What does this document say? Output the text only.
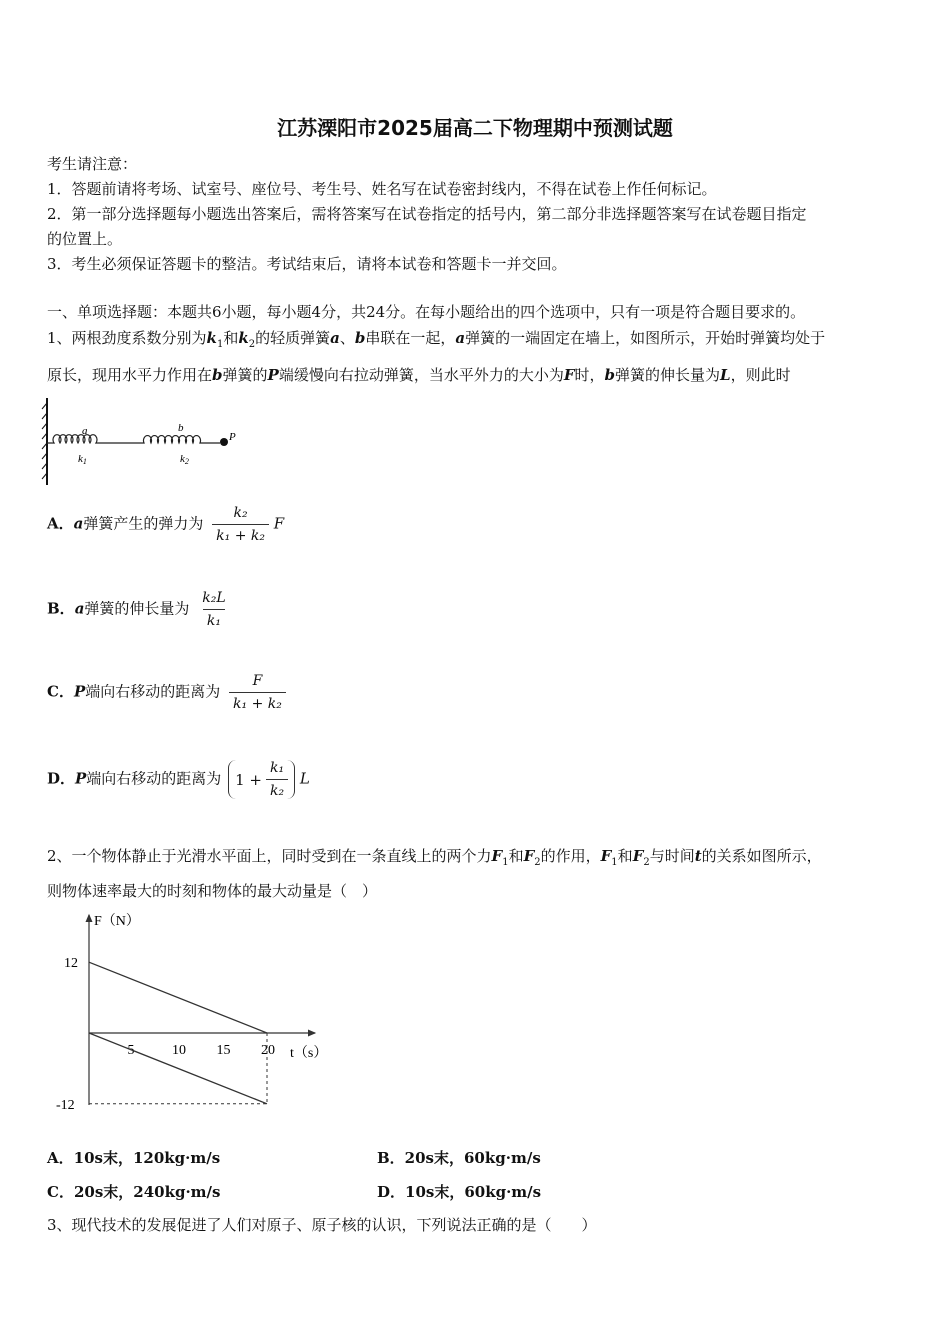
江苏溧阳市2025届高二下物理期中预测试题
考生请注意：
1．答题前请将考场、试室号、座位号、考生号、姓名写在试卷密封线内，不得在试卷上作任何标记。
2．第一部分选择题每小题选出答案后，需将答案写在试卷指定的括号内，第二部分非选择题答案写在试卷题目指定
的位置上。
3．考生必须保证答题卡的整洁。考试结束后，请将本试卷和答题卡一并交回。
一、单项选择题：本题共6小题，每小题4分，共24分。在每小题给出的四个选项中，只有一项是符合题目要求的。
1、两根劲度系数分别为$k_1$和$k_2$的轻质弹簧a、b串联在一起，a弹簧的一端固定在墙上，如图所示，开始时弹簧均处于
原长，现用水平力作用在b弹簧的P端缓慢向右拉动弹簧，当水平外力的大小为F时，b弹簧的伸长量为L，则此时
a	b
k1	k2
P
A．a弹簧产生的弹力为 $\frac{\text{k₂}}{\text{k₁ + k₂}}$ F
B．a弹簧的伸长量为 $\frac{\text{k₂L}}{\text{k₁}}$
C．P端向右移动的距离为 $\frac{F}{\text{k₁ + k₂}}$
D．P端向右移动的距离为 $1 + \frac{\text{k₁}}{\text{k₂}}$ L
2、一个物体静止于光滑水平面上，同时受到在一条直线上的两个力$F_1$和$F_2$的作用，$F_1$和$F_2$与时间t的关系如图所示，
则物体速率最大的时刻和物体的最大动量是（　）
F（N）
t（s）
5	10 15 20
12
-12
A．10s末，120kg·m/s	B．20s末，60kg·m/s
C．20s末，240kg·m/s	D．10s末，60kg·m/s
3、现代技术的发展促进了人们对原子、原子核的认识，下列说法正确的是（　　）
